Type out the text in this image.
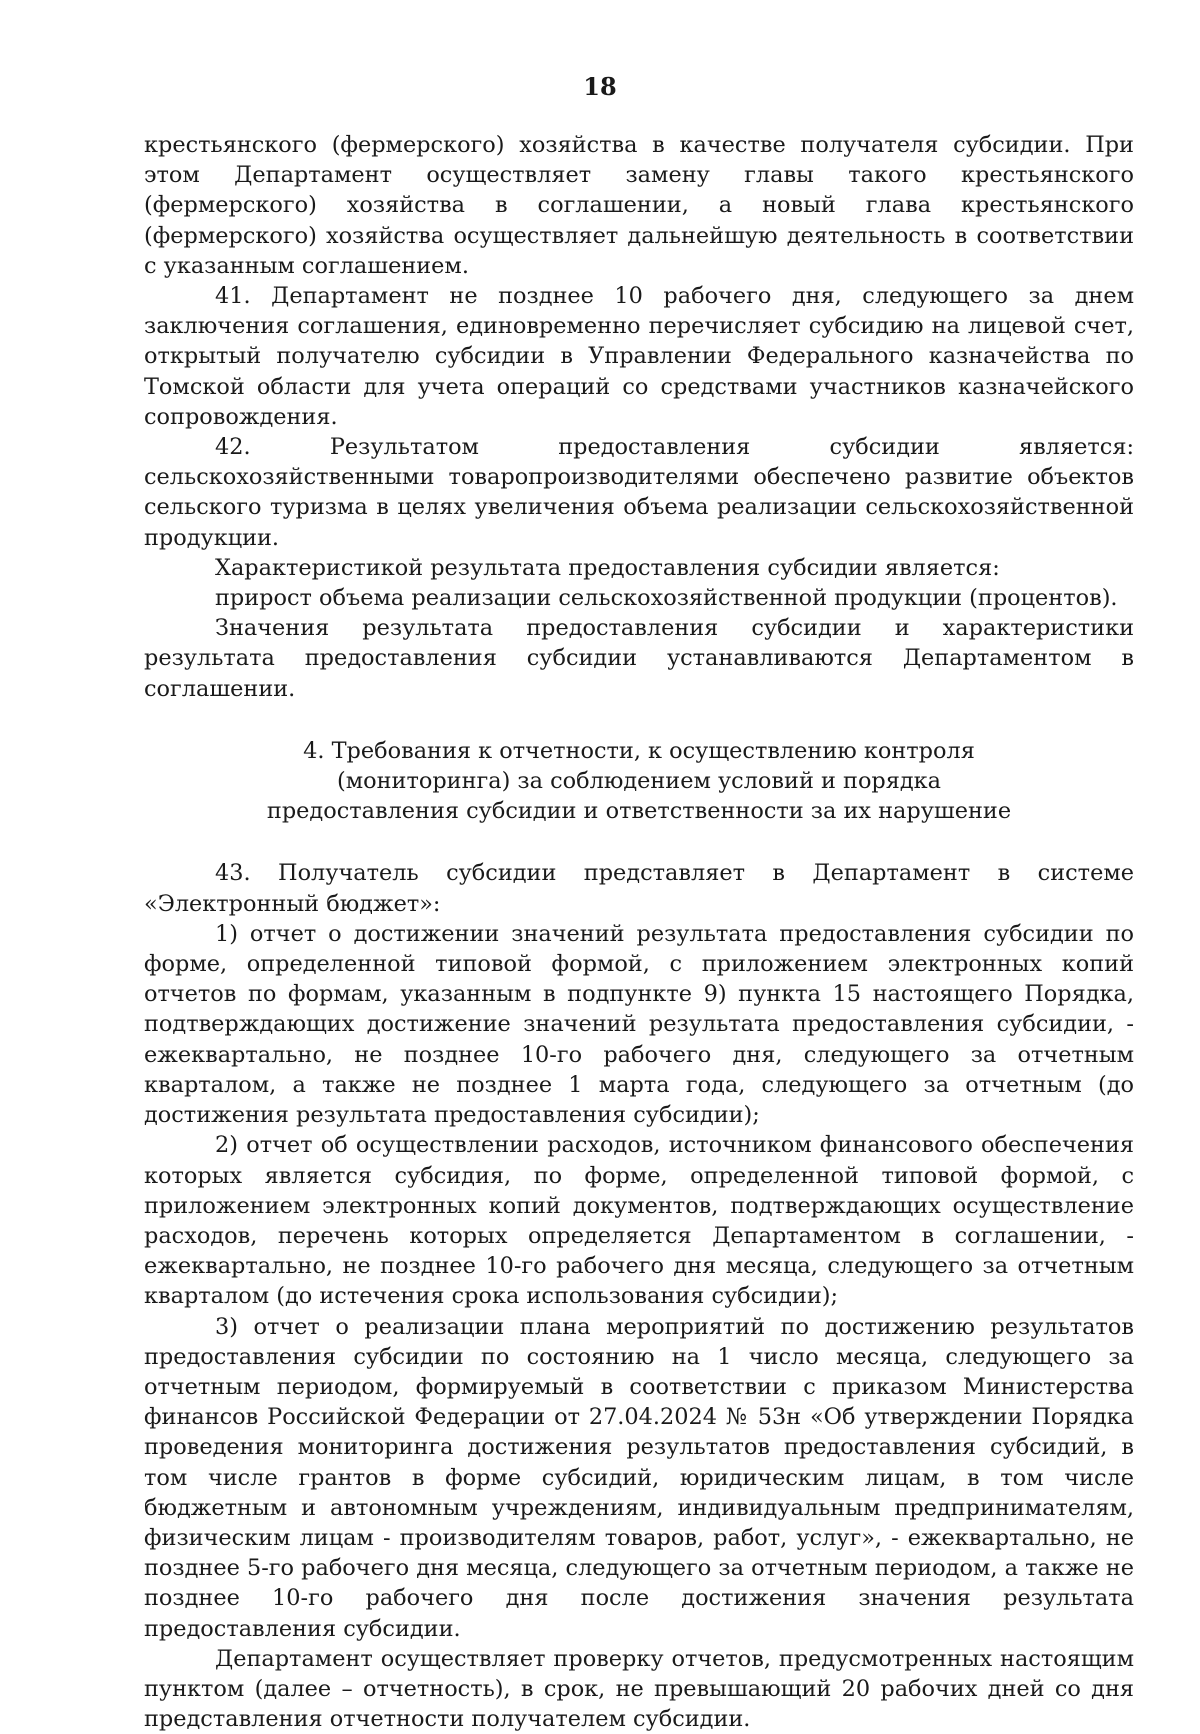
18

крестьянского (фермерского) хозяйства в качестве получателя субсидии. При этом Департамент осуществляет замену главы такого крестьянского (фермерского) хозяйства в соглашении, а новый глава крестьянского (фермерского) хозяйства осуществляет дальнейшую деятельность в соответствии с указанным соглашением.

41. Департамент не позднее 10 рабочего дня, следующего за днем заключения соглашения, единовременно перечисляет субсидию на лицевой счет, открытый получателю субсидии в Управлении Федерального казначейства по Томской области для учета операций со средствами участников казначейского сопровождения.

42. Результатом предоставления субсидии является: сельскохозяйственными товаропроизводителями обеспечено развитие объектов сельского туризма в целях увеличения объема реализации сельскохозяйственной продукции.

Характеристикой результата предоставления субсидии является:

прирост объема реализации сельскохозяйственной продукции (процентов).

Значения результата предоставления субсидии и характеристики результата предоставления субсидии устанавливаются Департаментом в соглашении.

4. Требования к отчетности, к осуществлению контроля
(мониторинга) за соблюдением условий и порядка
предоставления субсидии и ответственности за их нарушение

43. Получатель субсидии представляет в Департамент в системе «Электронный бюджет»:

1) отчет о достижении значений результата предоставления субсидии по форме, определенной типовой формой, с приложением электронных копий отчетов по формам, указанным в подпункте 9) пункта 15 настоящего Порядка, подтверждающих достижение значений результата предоставления субсидии, - ежеквартально, не позднее 10-го рабочего дня, следующего за отчетным кварталом, а также не позднее 1 марта года, следующего за отчетным (до достижения результата предоставления субсидии);

2) отчет об осуществлении расходов, источником финансового обеспечения которых является субсидия, по форме, определенной типовой формой, с приложением электронных копий документов, подтверждающих осуществление расходов, перечень которых определяется Департаментом в соглашении, - ежеквартально, не позднее 10-го рабочего дня месяца, следующего за отчетным кварталом (до истечения срока использования субсидии);

3) отчет о реализации плана мероприятий по достижению результатов предоставления субсидии по состоянию на 1 число месяца, следующего за отчетным периодом, формируемый в соответствии с приказом Министерства финансов Российской Федерации от 27.04.2024 № 53н «Об утверждении Порядка проведения мониторинга достижения результатов предоставления субсидий, в том числе грантов в форме субсидий, юридическим лицам, в том числе бюджетным и автономным учреждениям, индивидуальным предпринимателям, физическим лицам - производителям товаров, работ, услуг», - ежеквартально, не позднее 5-го рабочего дня месяца, следующего за отчетным периодом, а также не позднее 10-го рабочего дня после достижения значения результата предоставления субсидии.

Департамент осуществляет проверку отчетов, предусмотренных настоящим пунктом (далее – отчетность), в срок, не превышающий 20 рабочих дней со дня представления отчетности получателем субсидии.
